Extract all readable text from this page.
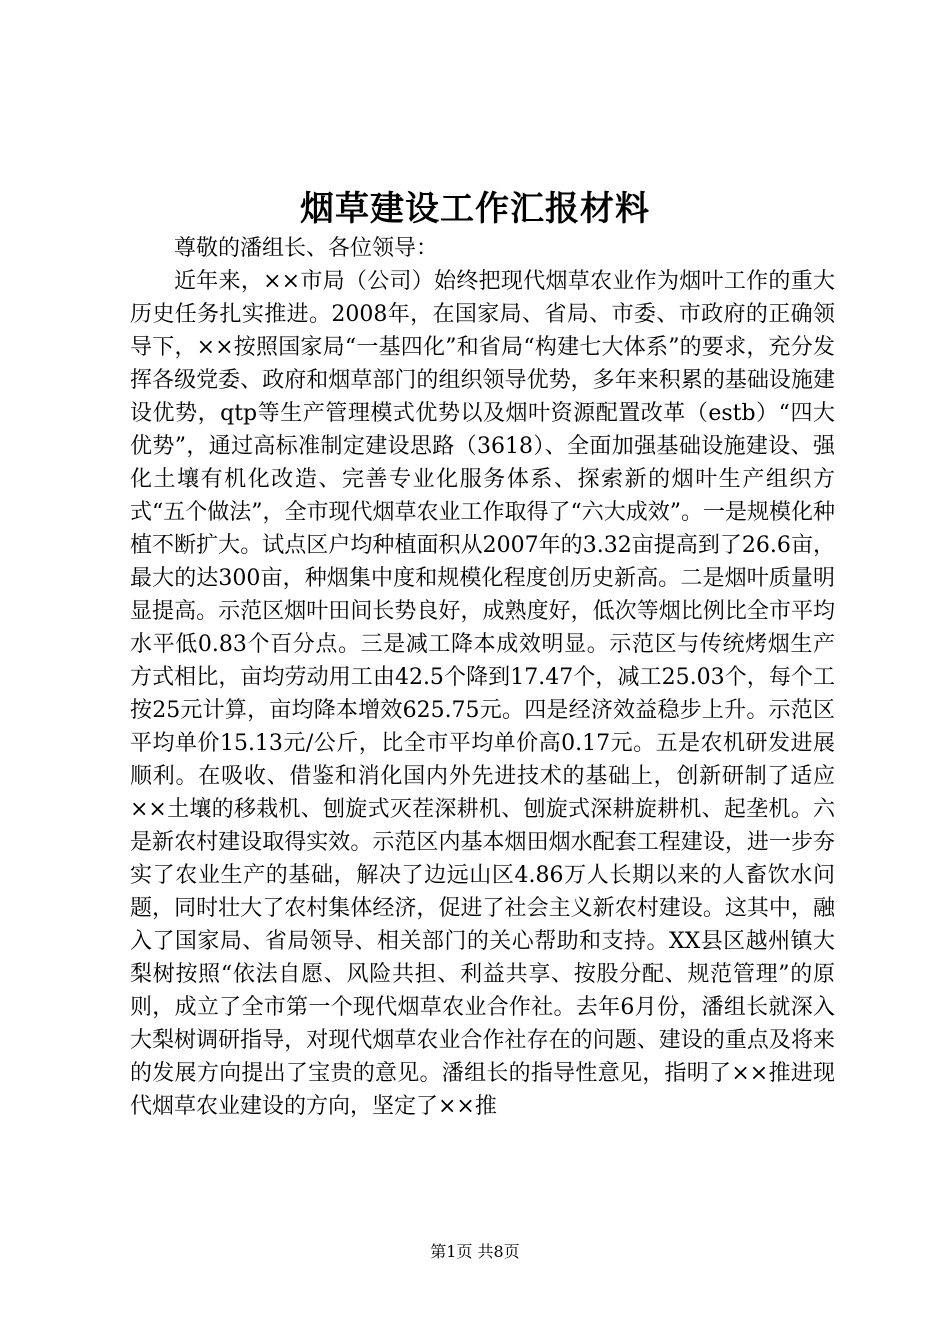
烟草建设工作汇报材料

尊敬的潘组长、各位领导：

近年来，××市局（公司）始终把现代烟草农业作为烟叶工作的重大历史任务扎实推进。2008年，在国家局、省局、市委、市政府的正确领导下，××按照国家局“一基四化”和省局“构建七大体系”的要求，充分发挥各级党委、政府和烟草部门的组织领导优势，多年来积累的基础设施建设优势，qtp等生产管理模式优势以及烟叶资源配置改革（estb）“四大优势”，通过高标准制定建设思路（3618）、全面加强基础设施建设、强化土壤有机化改造、完善专业化服务体系、探索新的烟叶生产组织方式“五个做法”，全市现代烟草农业工作取得了“六大成效”。一是规模化种植不断扩大。试点区户均种植面积从2007年的3.32亩提高到了26.6亩，最大的达300亩，种烟集中度和规模化程度创历史新高。二是烟叶质量明显提高。示范区烟叶田间长势良好，成熟度好，低次等烟比例比全市平均水平低0.83个百分点。三是减工降本成效明显。示范区与传统烤烟生产方式相比，亩均劳动用工由42.5个降到17.47个，减工25.03个，每个工按25元计算，亩均降本增效625.75元。四是经济效益稳步上升。示范区平均单价15.13元/公斤，比全市平均单价高0.17元。五是农机研发进展顺利。在吸收、借鉴和消化国内外先进技术的基础上，创新研制了适应××土壤的移栽机、刨旋式灭茬深耕机、刨旋式深耕旋耕机、起垄机。六是新农村建设取得实效。示范区内基本烟田烟水配套工程建设，进一步夯实了农业生产的基础，解决了边远山区4.86万人长期以来的人畜饮水问题，同时壮大了农村集体经济，促进了社会主义新农村建设。这其中，融入了国家局、省局领导、相关部门的关心帮助和支持。XX县区越州镇大梨树按照“依法自愿、风险共担、利益共享、按股分配、规范管理”的原则，成立了全市第一个现代烟草农业合作社。去年6月份，潘组长就深入大梨树调研指导，对现代烟草农业合作社存在的问题、建设的重点及将来的发展方向提出了宝贵的意见。潘组长的指导性意见，指明了××推进现代烟草农业建设的方向，坚定了××推

第1页 共8页
